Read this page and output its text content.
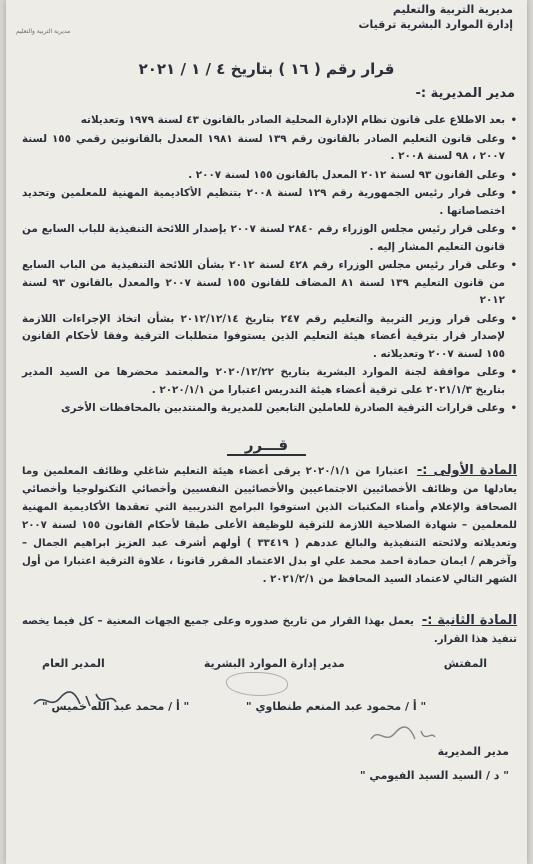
مديرية التربية والتعليم
إدارة الموارد البشرية ترقيات
مديرية التربية والتعليم
قرار رقم ( ١٦ ) بتاريخ ٤ / ١ / ٢٠٢١
مدير المديرية :-
• بعد الاطلاع على قانون نظام الإدارة المحلية الصادر بالقانون ٤٣ لسنة ١٩٧٩ وتعديلاته
• وعلى قانون التعليم الصادر بالقانون رقم ١٣٩ لسنة ١٩٨١ المعدل بالقانونين رقمي ١٥٥ لسنة ٢٠٠٧ ، ٩٨ لسنة ٢٠٠٨ .
• وعلى القانون ٩٣ لسنة ٢٠١٢ المعدل بالقانون ١٥٥ لسنة ٢٠٠٧ .
• وعلى قرار رئيس الجمهورية رقم ١٢٩ لسنة ٢٠٠٨ بتنظيم الأكاديمية المهنية للمعلمين وتحديد اختصاصاتها .
• وعلى قرار رئيس مجلس الوزراء رقم ٢٨٤٠ لسنة ٢٠٠٧ بإصدار اللائحة التنفيذية للباب السابع من قانون التعليم المشار إليه .
• وعلى قرار رئيس مجلس الوزراء رقم ٤٢٨ لسنة ٢٠١٢ بشأن اللائحة التنفيذية من الباب السابع من قانون التعليم ١٣٩ لسنة ٨١ المضاف للقانون ١٥٥ لسنة ٢٠٠٧ والمعدل بالقانون ٩٣ لسنة ٢٠١٢
• وعلى قرار وزير التربية والتعليم رقم ٢٤٧ بتاريخ ٢٠١٢/١٢/١٤ بشأن اتخاذ الإجراءات اللازمة لإصدار قرار بترقية أعضاء هيئة التعليم الذين يستوفوا متطلبات الترقية وفقا لأحكام القانون ١٥٥ لسنة ٢٠٠٧ وتعديلاته .
• وعلى موافقة لجنة الموارد البشرية بتاريخ ٢٠٢٠/١٢/٢٢ والمعتمد محضرها من السيد المدير بتاريخ ٢٠٢١/١/٣ على ترقية أعضاء هيئة التدريس اعتبارا من ٢٠٢٠/١/١ .
• وعلى قرارات الترقية الصادرة للعاملين التابعين للمديرية والمنتدبين بالمحافظات الأخرى
قـــرر
المادة الأولى :- اعتبارا من ٢٠٢٠/١/١ يرقى أعضاء هيئة التعليم شاغلي وظائف المعلمين وما يعادلها من وظائف الأخصائيين الاجتماعيين والأخصائيين النفسيين وأخصائي التكنولوجيا وأخصائي الصحافة والإعلام وأمناء المكتبات الذين استوفوا البرامج التدريبية التي تعقدها الأكاديمية المهنية للمعلمين – شهادة الصلاحية اللازمة للترقية للوظيفة الأعلى طبقا لأحكام القانون ١٥٥ لسنة ٢٠٠٧ وتعديلاته ولائحته التنفيذية والبالغ عددهم ( ٣٣٤١٩ ) أولهم أشرف عبد العزيز ابراهيم الجمال – وآخرهم / ايمان حمادة احمد محمد علي او بدل الاعتماد المقرر قانونا ، علاوة الترقية اعتبارا من أول الشهر التالي لاعتماد السيد المحافظ من ٢٠٢١/٢/١ .
المادة الثانية :- يعمل بهذا القرار من تاريخ صدوره وعلى جميع الجهات المعنية – كل فيما يخصه تنفيذ هذا القرار.
المفتش
مدير إدارة الموارد البشرية
المدير العام
" أ / محمود عبد المنعم طنطاوي "
" أ / محمد عبد الله خميس "
مدير المديرية
" د / السيد السيد الفيومي "
